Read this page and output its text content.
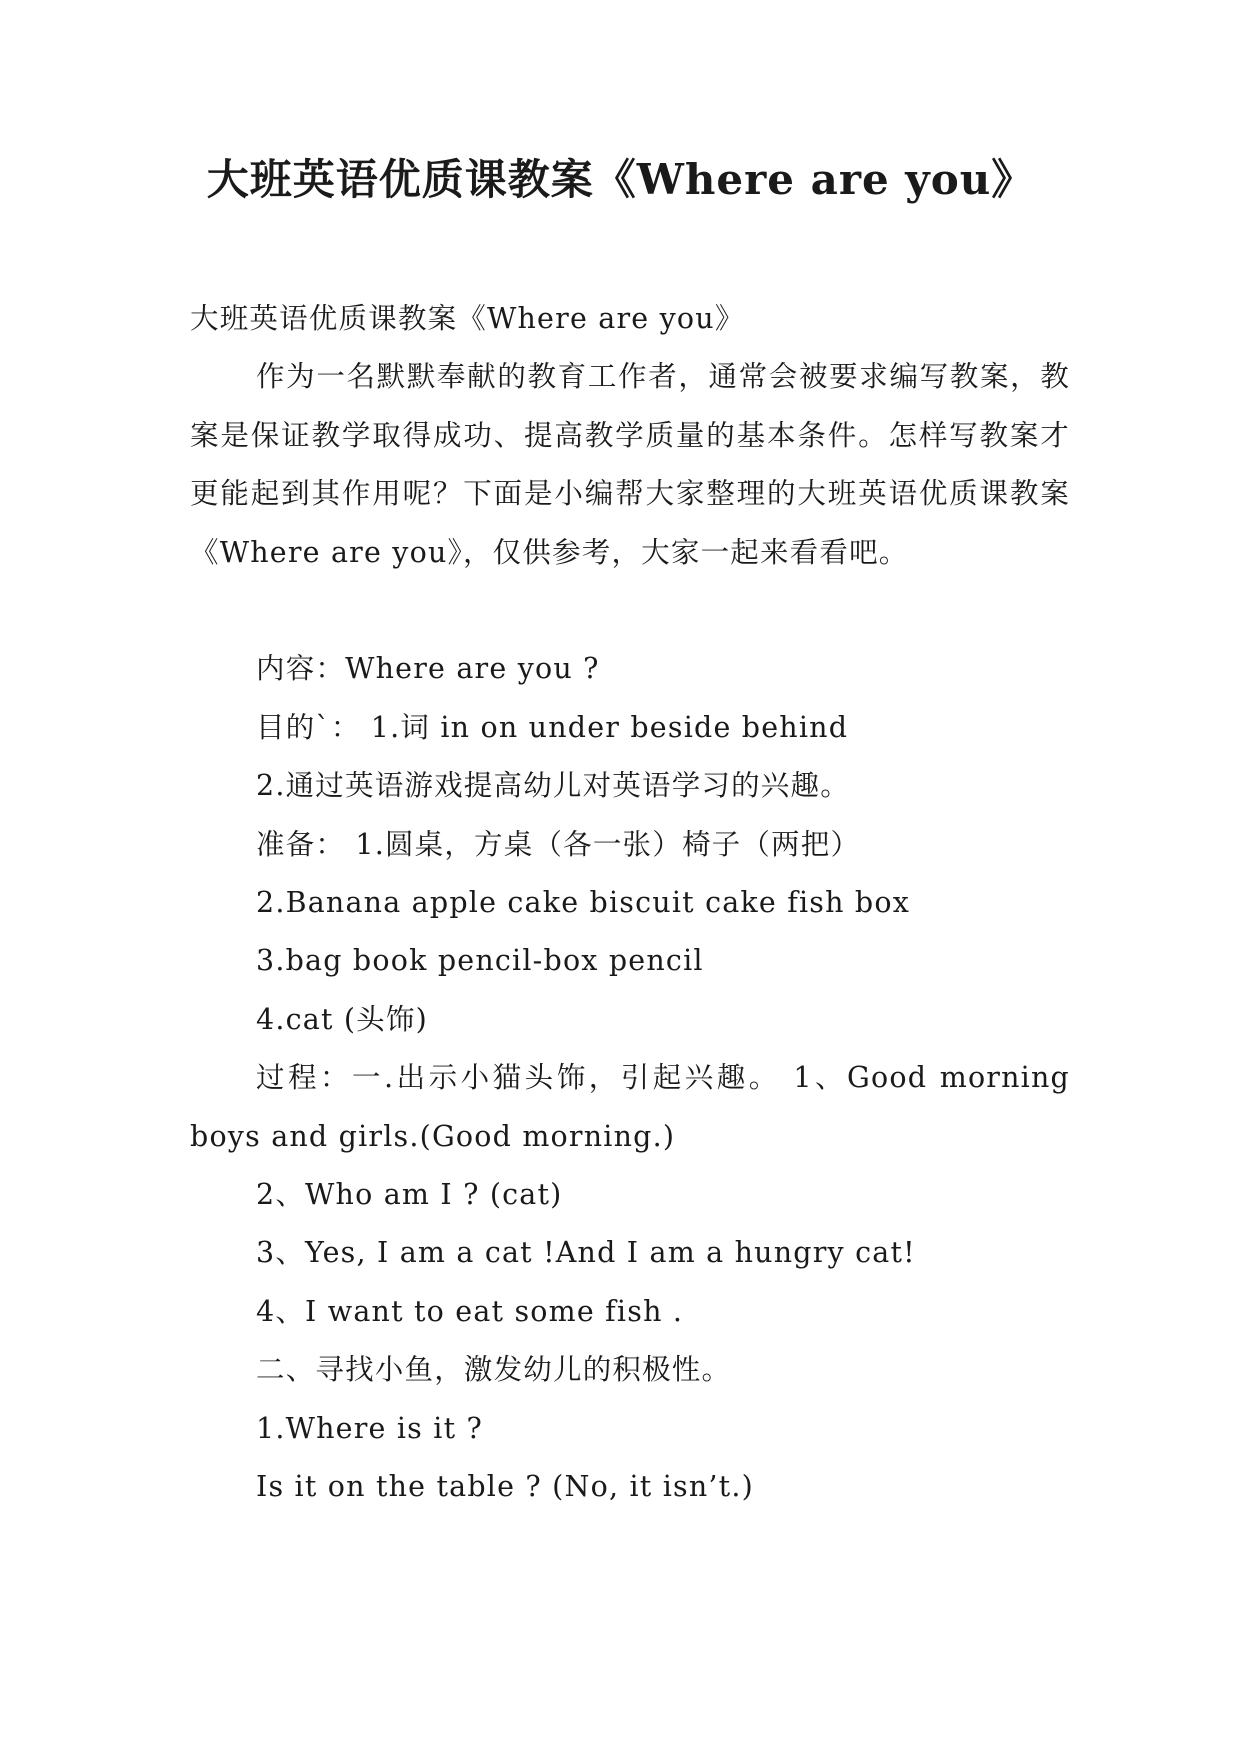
大班英语优质课教案《Where are you》

大班英语优质课教案《Where are you》

作为一名默默奉献的教育工作者，通常会被要求编写教案，教案是保证教学取得成功、提高教学质量的基本条件。怎样写教案才更能起到其作用呢？下面是小编帮大家整理的大班英语优质课教案《Where are you》，仅供参考，大家一起来看看吧。

内容：Where are you ?

目的`： 1.词 in on under beside behind

2.通过英语游戏提高幼儿对英语学习的兴趣。

准备： 1.圆桌，方桌（各一张）椅子（两把）

2.Banana apple cake biscuit cake fish box

3.bag book pencil-box pencil

4.cat (头饰)

过程：一.出示小猫头饰，引起兴趣。 1、Good morning boys and girls.(Good morning.)

2、Who am I ? (cat)

3、Yes, I am a cat !And I am a hungry cat!

4、I want to eat some fish .

二、寻找小鱼，激发幼儿的积极性。

1.Where is it ?

Is it on the table ? (No, it isn’t.)
